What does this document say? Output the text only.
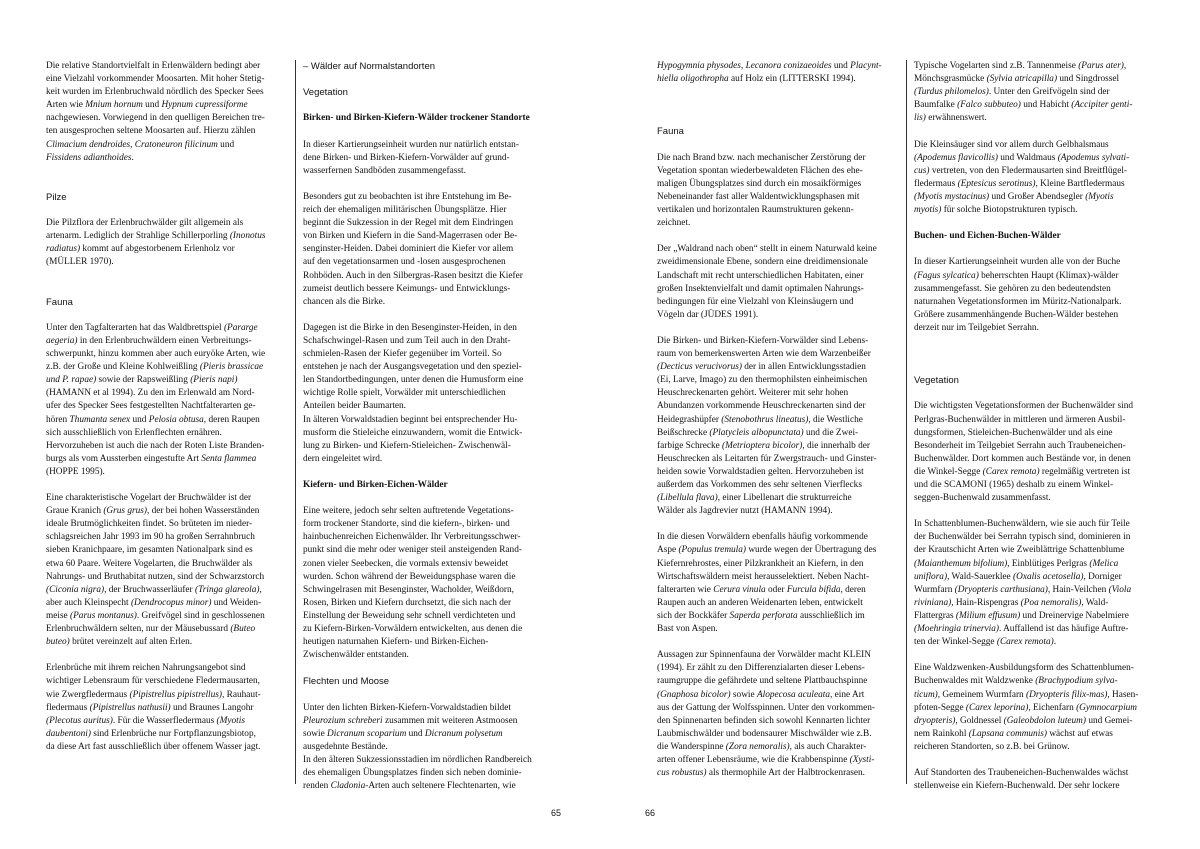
Die relative Standortvielfalt in Erlenwäldern bedingt aber
eine Vielzahl vorkommender Moosarten. Mit hoher Stetig-
keit wurden im Erlenbruchwald nördlich des Specker Sees
Arten wie Mnium hornum und Hypnum cupressiforme
nachgewiesen. Vorwiegend in den quelligen Bereichen tre-
ten ausgesprochen seltene Moosarten auf. Hierzu zählen
Climacium dendroides, Cratoneuron filicinum und
Fissidens adianthoides.

Pilze

Die Pilzflora der Erlenbruchwälder gilt allgemein als
artenarm. Lediglich der Strahlige Schillerporling (Inonotus
radiatus) kommt auf abgestorbenem Erlenholz vor
(MÜLLER 1970).

Fauna

Unter den Tagfalterarten hat das Waldbrettspiel (Pararge
aegeria) in den Erlenbruchwäldern einen Verbreitungs-
schwerpunkt, hinzu kommen aber auch euryöke Arten, wie
z.B. der Große und Kleine Kohlweißling (Pieris brassicae
und P. rapae) sowie der Rapsweißling (Pieris napi)
(HAMANN et al 1994). Zu den im Erlenwald am Nord-
ufer des Specker Sees festgestellten Nachtfalterarten ge-
hören Thumanta senex und Pelosia obtusa, deren Raupen
sich ausschließlich von Erlenflechten ernähren.
Hervorzuheben ist auch die nach der Roten Liste Branden-
burgs als vom Aussterben eingestufte Art Senta flammea
(HOPPE 1995).

Eine charakteristische Vogelart der Bruchwälder ist der
Graue Kranich (Grus grus), der bei hohen Wasserständen
ideale Brutmöglichkeiten findet. So brüteten im nieder-
schlagsreichen Jahr 1993 im 90 ha großen Serrahnbruch
sieben Kranichpaare, im gesamten Nationalpark sind es
etwa 60 Paare. Weitere Vogelarten, die Bruchwälder als
Nahrungs- und Bruthabitat nutzen, sind der Schwarzstorch
(Ciconia nigra), der Bruchwasserläufer (Tringa glareola),
aber auch Kleinspecht (Dendrocopus minor) und Weiden-
meise (Parus montanus). Greifvögel sind in geschlossenen
Erlenbruchwäldern selten, nur der Mäusebussard (Buteo
buteo) brütet vereinzelt auf alten Erlen.

Erlenbrüche mit ihrem reichen Nahrungsangebot sind
wichtiger Lebensraum für verschiedene Fledermausarten,
wie Zwergfledermaus (Pipistrellus pipistrellus), Rauhaut-
fledermaus (Pipistrellus nathusii) und Braunes Langohr
(Plecotus auritus). Für die Wasserfledermaus (Myotis
daubentoni) sind Erlenbrüche nur Fortpflanzungsbiotop,
da diese Art fast ausschließlich über offenem Wasser jagt.

– Wälder auf Normalstandorten

Vegetation

Birken- und Birken-Kiefern-Wälder trockener Standorte

In dieser Kartierungseinheit wurden nur natürlich entstan-
dene Birken- und Birken-Kiefern-Vorwälder auf grund-
wasserfernen Sandböden zusammengefasst.

Besonders gut zu beobachten ist ihre Entstehung im Be-
reich der ehemaligen militärischen Übungsplätze. Hier
beginnt die Sukzession in der Regel mit dem Eindringen
von Birken und Kiefern in die Sand-Magerrasen oder Be-
senginster-Heiden. Dabei dominiert die Kiefer vor allem
auf den vegetationsarmen und -losen ausgesprochenen
Rohböden. Auch in den Silbergras-Rasen besitzt die Kiefer
zumeist deutlich bessere Keimungs- und Entwicklungs-
chancen als die Birke.

Dagegen ist die Birke in den Besenginster-Heiden, in den
Schafschwingel-Rasen und zum Teil auch in den Draht-
schmielen-Rasen der Kiefer gegenüber im Vorteil. So
entstehen je nach der Ausgangsvegetation und den speziel-
len Standortbedingungen, unter denen die Humusform eine
wichtige Rolle spielt, Vorwälder mit unterschiedlichen
Anteilen beider Baumarten.
In älteren Vorwaldstadien beginnt bei entsprechender Hu-
musform die Stieleiche einzuwandern, womit die Entwick-
lung zu Birken- und Kiefern-Stieleichen- Zwischenwäl-
dern eingeleitet wird.

Kiefern- und Birken-Eichen-Wälder

Eine weitere, jedoch sehr selten auftretende Vegetations-
form trockener Standorte, sind die kiefern-, birken- und
hainbuchenreichen Eichenwälder. Ihr Verbreitungsschwer-
punkt sind die mehr oder weniger steil ansteigenden Rand-
zonen vieler Seebecken, die vormals extensiv beweidet
wurden. Schon während der Beweidungsphase waren die
Schwingelrasen mit Besenginster, Wacholder, Weißdorn,
Rosen, Birken und Kiefern durchsetzt, die sich nach der
Einstellung der Beweidung sehr schnell verdichteten und
zu Kiefern-Birken-Vorwäldern entwickelten, aus denen die
heutigen naturnahen Kiefern- und Birken-Eichen-
Zwischenwälder entstanden.

Flechten und Moose

Unter den lichten Birken-Kiefern-Vorwaldstadien bildet
Pleurozium schreberi zusammen mit weiteren Astmoosen
sowie Dicranum scoparium und Dicranum polysetum
ausgedehnte Bestände.
In den älteren Sukzessionsstadien im nördlichen Randbereich
des ehemaligen Übungsplatzes finden sich neben dominie-
renden Cladonia-Arten auch seltenere Flechtenarten, wie

Hypogymnia physodes, Lecanora conizaeoides und Placynt-
hiella oligothropha auf Holz ein (LITTERSKI 1994).

Fauna

Die nach Brand bzw. nach mechanischer Zerstörung der
Vegetation spontan wiederbewaldeten Flächen des ehe-
maligen Übungsplatzes sind durch ein mosaikförmiges
Nebeneinander fast aller Waldentwicklungsphasen mit
vertikalen und horizontalen Raumstrukturen gekenn-
zeichnet.

Der „Waldrand nach oben“ stellt in einem Naturwald keine
zweidimensionale Ebene, sondern eine dreidimensionale
Landschaft mit recht unterschiedlichen Habitaten, einer
großen Insektenvielfalt und damit optimalen Nahrungs-
bedingungen für eine Vielzahl von Kleinsäugern und
Vögeln dar (JÜDES 1991).

Die Birken- und Birken-Kiefern-Vorwälder sind Lebens-
raum von bemerkenswerten Arten wie dem Warzenbeißer
(Decticus verucivorus) der in allen Entwicklungsstadien
(Ei, Larve, Imago) zu den thermophilsten einheimischen
Heuschreckenarten gehört. Weiterer mit sehr hohen
Abundanzen vorkommende Heuschreckenarten sind der
Heidegrashüpfer (Stenobothrus lineatus), die Westliche
Beißschrecke (Platycleis albopunctata) und die Zwei-
farbige Schrecke (Metrioptera bicolor), die innerhalb der
Heuschrecken als Leitarten für Zwergstrauch- und Ginster-
heiden sowie Vorwaldstadien gelten. Hervorzuheben ist
außerdem das Vorkommen des sehr seltenen Vierflecks
(Libellula flava), einer Libellenart die strukturreiche
Wälder als Jagdrevier nutzt (HAMANN 1994).

In die diesen Vorwäldern ebenfalls häufig vorkommende
Aspe (Populus tremula) wurde wegen der Übertragung des
Kiefernrehrostes, einer Pilzkrankheit an Kiefern, in den
Wirtschaftswäldern meist herausselektiert. Neben Nacht-
falterarten wie Cerura vinula oder Furcula bifida, deren
Raupen auch an anderen Weidenarten leben, entwickelt
sich der Bockkäfer Saperda perforata ausschließlich im
Bast von Aspen.

Aussagen zur Spinnenfauna der Vorwälder macht KLEIN
(1994). Er zählt zu den Differenzialarten dieser Lebens-
raumgruppe die gefährdete und seltene Plattbauchspinne
(Gnaphosa bicolor) sowie Alopecosa aculeata, eine Art
aus der Gattung der Wolfsspinnen. Unter den vorkommen-
den Spinnenarten befinden sich sowohl Kennarten lichter
Laubmischwälder und bodensaurer Mischwälder wie z.B.
die Wanderspinne (Zora nemoralis), als auch Charakter-
arten offener Lebensräume, wie die Krabbenspinne (Xysti-
cus robustus) als thermophile Art der Halbtrockenrasen.

Typische Vogelarten sind z.B. Tannenmeise (Parus ater),
Mönchsgrasmücke (Sylvia atricapilla) und Singdrossel
(Turdus philomelos). Unter den Greifvögeln sind der
Baumfalke (Falco subbuteo) und Habicht (Accipiter genti-
lis) erwähnenswert.

Die Kleinsäuger sind vor allem durch Gelbhalsmaus
(Apodemus flavicollis) und Waldmaus (Apodemus sylvati-
cus) vertreten, von den Fledermausarten sind Breitflügel-
fledermaus (Eptesicus serotinus), Kleine Bartfledermaus
(Myotis mystacinus) und Großer Abendsegler (Myotis
myotis) für solche Biotopstrukturen typisch.

Buchen- und Eichen-Buchen-Wälder

In dieser Kartierungseinheit wurden alle von der Buche
(Fagus sylcatica) beherrschten Haupt (Klimax)-wälder
zusammengefasst. Sie gehören zu den bedeutendsten
naturnahen Vegetationsformen im Müritz-Nationalpark.
Größere zusammenhängende Buchen-Wälder bestehen
derzeit nur im Teilgebiet Serrahn.

Vegetation

Die wichtigsten Vegetationsformen der Buchenwälder sind
Perlgras-Buchenwälder in mittleren und ärmeren Ausbil-
dungsformen, Stieleichen-Buchenwälder und als eine
Besonderheit im Teilgebiet Serrahn auch Traubeneichen-
Buchenwälder. Dort kommen auch Bestände vor, in denen
die Winkel-Segge (Carex remota) regelmäßig vertreten ist
und die SCAMONI (1965) deshalb zu einem Winkel-
seggen-Buchenwald zusammenfasst.

In Schattenblumen-Buchenwäldern, wie sie auch für Teile
der Buchenwälder bei Serrahn typisch sind, dominieren in
der Krautschicht Arten wie Zweiblättrige Schattenblume
(Maianthemum bifolium), Einblütiges Perlgras (Melica
uniflora), Wald-Sauerklee (Oxalis acetosella), Dorniger
Wurmfarn (Dryopteris carthusiana), Hain-Veilchen (Viola
riviniana), Hain-Rispengras (Poa nemoralis), Wald-
Flattergras (Milium effusum) und Dreinervige Nabelmiere
(Moehringia trinervia). Auffallend ist das häufige Auftre-
ten der Winkel-Segge (Carex remota).

Eine Waldzwenken-Ausbildungsform des Schattenblumen-
Buchenwaldes mit Waldzwenke (Brachypodium sylva-
ticum), Gemeinem Wurmfarn (Dryopteris filix-mas), Hasen-
pfoten-Segge (Carex leporina), Eichenfarn (Gymnocarpium
dryopteris), Goldnessel (Galeobdolon luteum) und Gemei-
nem Rainkohl (Lapsana communis) wächst auf etwas
reicheren Standorten, so z.B. bei Grünow.

Auf Standorten des Traubeneichen-Buchenwaldes wächst
stellenweise ein Kiefern-Buchenwald. Der sehr lockere

65	66
